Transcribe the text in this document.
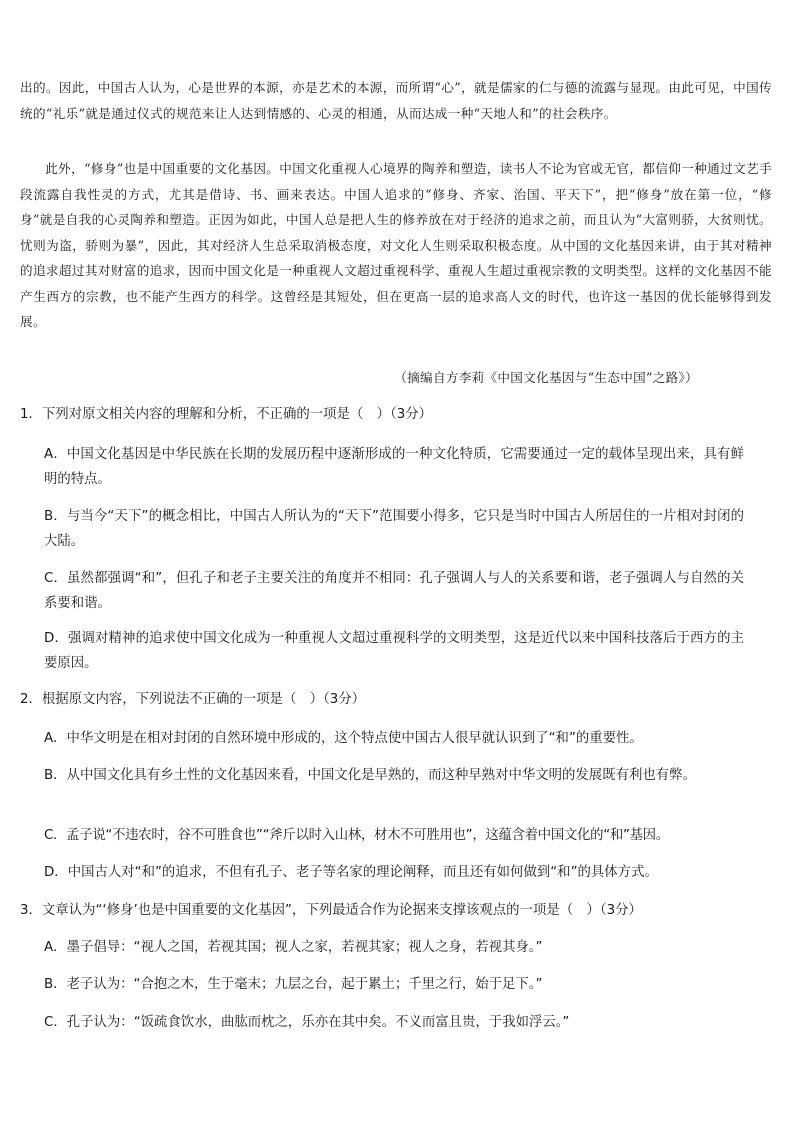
出的。因此，中国古人认为，心是世界的本源，亦是艺术的本源，而所谓“心”，就是儒家的仁与德的流露与显现。由此可见，中国传统的“礼乐”就是通过仪式的规范来让人达到情感的、心灵的相通，从而达成一种“天地人和”的社会秩序。

此外，“修身”也是中国重要的文化基因。中国文化重视人心境界的陶养和塑造，读书人不论为官或无官，都信仰一种通过文艺手段流露自我性灵的方式，尤其是借诗、书、画来表达。中国人追求的“修身、齐家、治国、平天下”，把“修身”放在第一位，“修身”就是自我的心灵陶养和塑造。正因为如此，中国人总是把人生的修养放在对于经济的追求之前，而且认为“大富则骄，大贫则忧。忧则为盗，骄则为暴”，因此，其对经济人生总采取消极态度，对文化人生则采取积极态度。从中国的文化基因来讲，由于其对精神的追求超过其对财富的追求，因而中国文化是一种重视人文超过重视科学、重视人生超过重视宗教的文明类型。这样的文化基因不能产生西方的宗教，也不能产生西方的科学。这曾经是其短处，但在更高一层的追求高人文的时代，也许这一基因的优长能够得到发展。

（摘编自方李莉《中国文化基因与“生态中国”之路》）
1．下列对原文相关内容的理解和分析，不正确的一项是（　）（3分）
A．中国文化基因是中华民族在长期的发展历程中逐渐形成的一种文化特质，它需要通过一定的载体呈现出来，具有鲜明的特点。
B．与当今“天下”的概念相比，中国古人所认为的“天下”范围要小得多，它只是当时中国古人所居住的一片相对封闭的大陆。
C．虽然都强调“和”，但孔子和老子主要关注的角度并不相同：孔子强调人与人的关系要和谐，老子强调人与自然的关系要和谐。
D．强调对精神的追求使中国文化成为一种重视人文超过重视科学的文明类型，这是近代以来中国科技落后于西方的主要原因。
2．根据原文内容，下列说法不正确的一项是（　）（3分）
A．中华文明是在相对封闭的自然环境中形成的，这个特点使中国古人很早就认识到了“和”的重要性。
B．从中国文化具有乡土性的文化基因来看，中国文化是早熟的，而这种早熟对中华文明的发展既有利也有弊。
C．孟子说“不违农时，谷不可胜食也”“斧斤以时入山林，材木不可胜用也”，这蕴含着中国文化的“和”基因。
D．中国古人对“和”的追求，不但有孔子、老子等名家的理论阐释，而且还有如何做到“和”的具体方式。
3．文章认为“‘修身’也是中国重要的文化基因”，下列最适合作为论据来支撑该观点的一项是（　）（3分）
A．墨子倡导：“视人之国，若视其国；视人之家，若视其家；视人之身，若视其身。”
B．老子认为：“合抱之木，生于毫末；九层之台，起于累土；千里之行，始于足下。”
C．孔子认为：“饭疏食饮水，曲肱而枕之，乐亦在其中矣。不义而富且贵，于我如浮云。”
